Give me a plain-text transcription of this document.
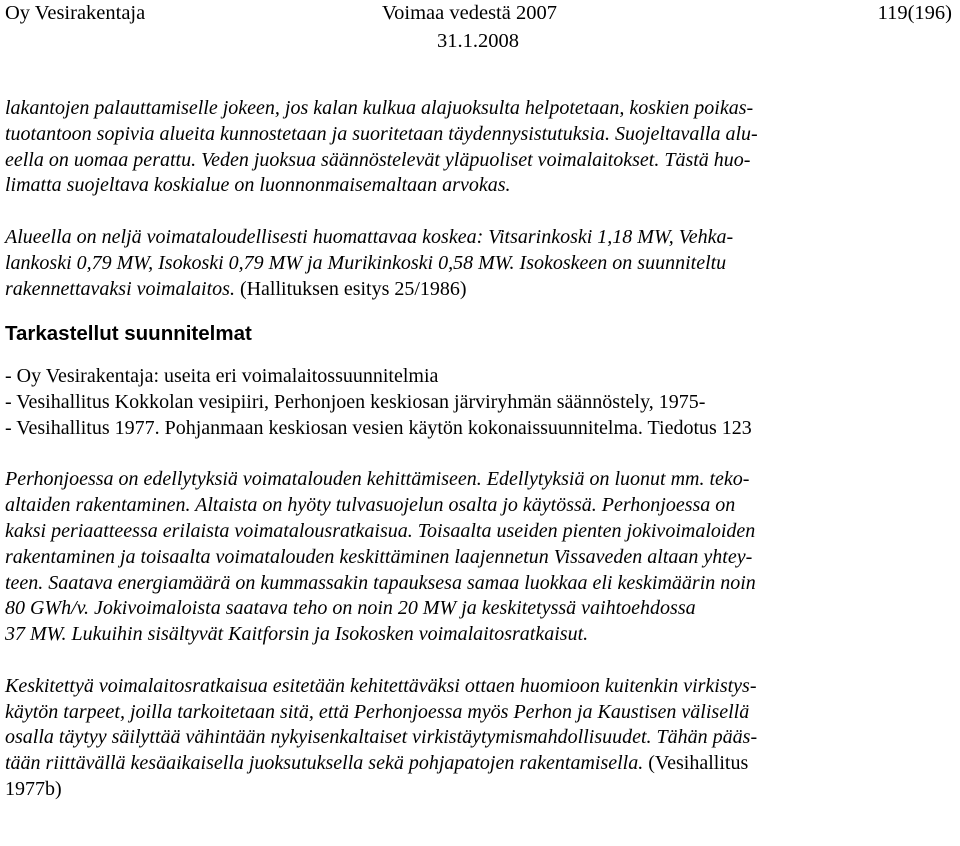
Oy Vesirakentaja	Voimaa vedestä 2007
31.1.2008
119(196)

lakantojen palauttamiselle jokeen, jos kalan kulkua alajuoksulta helpotetaan, koskien poikas-
tuotantoon sopivia alueita kunnostetaan ja suoritetaan täydennysistutuksia. Suojeltavalla alu-
eella on uomaa perattu. Veden juoksua säännöstelevät yläpuoliset voimalaitokset. Tästä huo-
limatta suojeltava koskialue on luonnonmaisemaltaan arvokas.

Alueella on neljä voimataloudellisesti huomattavaa koskea: Vitsarinkoski 1,18 MW, Vehka-
lankoski 0,79 MW, Isokoski 0,79 MW ja Murikinkoski 0,58 MW. Isokoskeen on suunniteltu
rakennettavaksi voimalaitos. (Hallituksen esitys 25/1986)

Tarkastellut suunnitelmat
- Oy Vesirakentaja: useita eri voimalaitossuunnitelmia
- Vesihallitus Kokkolan vesipiiri, Perhonjoen keskiosan järviryhmän säännöstely, 1975-
- Vesihallitus 1977. Pohjanmaan keskiosan vesien käytön kokonaissuunnitelma. Tiedotus 123

Perhonjoessa on edellytyksiä voimatalouden kehittämiseen. Edellytyksiä on luonut mm. teko-
altaiden rakentaminen. Altaista on hyöty tulvasuojelun osalta jo käytössä. Perhonjoessa on
kaksi periaatteessa erilaista voimatalousratkaisua. Toisaalta useiden pienten jokivoimaloiden
rakentaminen ja toisaalta voimatalouden keskittäminen laajennetun Vissaveden altaan yhtey-
teen. Saatava energiamäärä on kummassakin tapauksesa samaa luokkaa eli keskimäärin noin
80 GWh/v. Jokivoimaloista saatava teho on noin 20 MW ja keskitetyssä vaihtoehdossa
37 MW. Lukuihin sisältyvät Kaitforsin ja Isokosken voimalaitosratkaisut.

Keskitettyä voimalaitosratkaisua esitetään kehitettäväksi ottaen huomioon kuitenkin virkistys-
käytön tarpeet, joilla tarkoitetaan sitä, että Perhonjoessa myös Perhon ja Kaustisen välisellä
osalla täytyy säilyttää vähintään nykyisenkaltaiset virkistäytymismahdollisuudet. Tähän pääs-
tään riittävällä kesäaikaisella juoksutuksella sekä pohjapatojen rakentamisella. (Vesihallitus
1977b)
